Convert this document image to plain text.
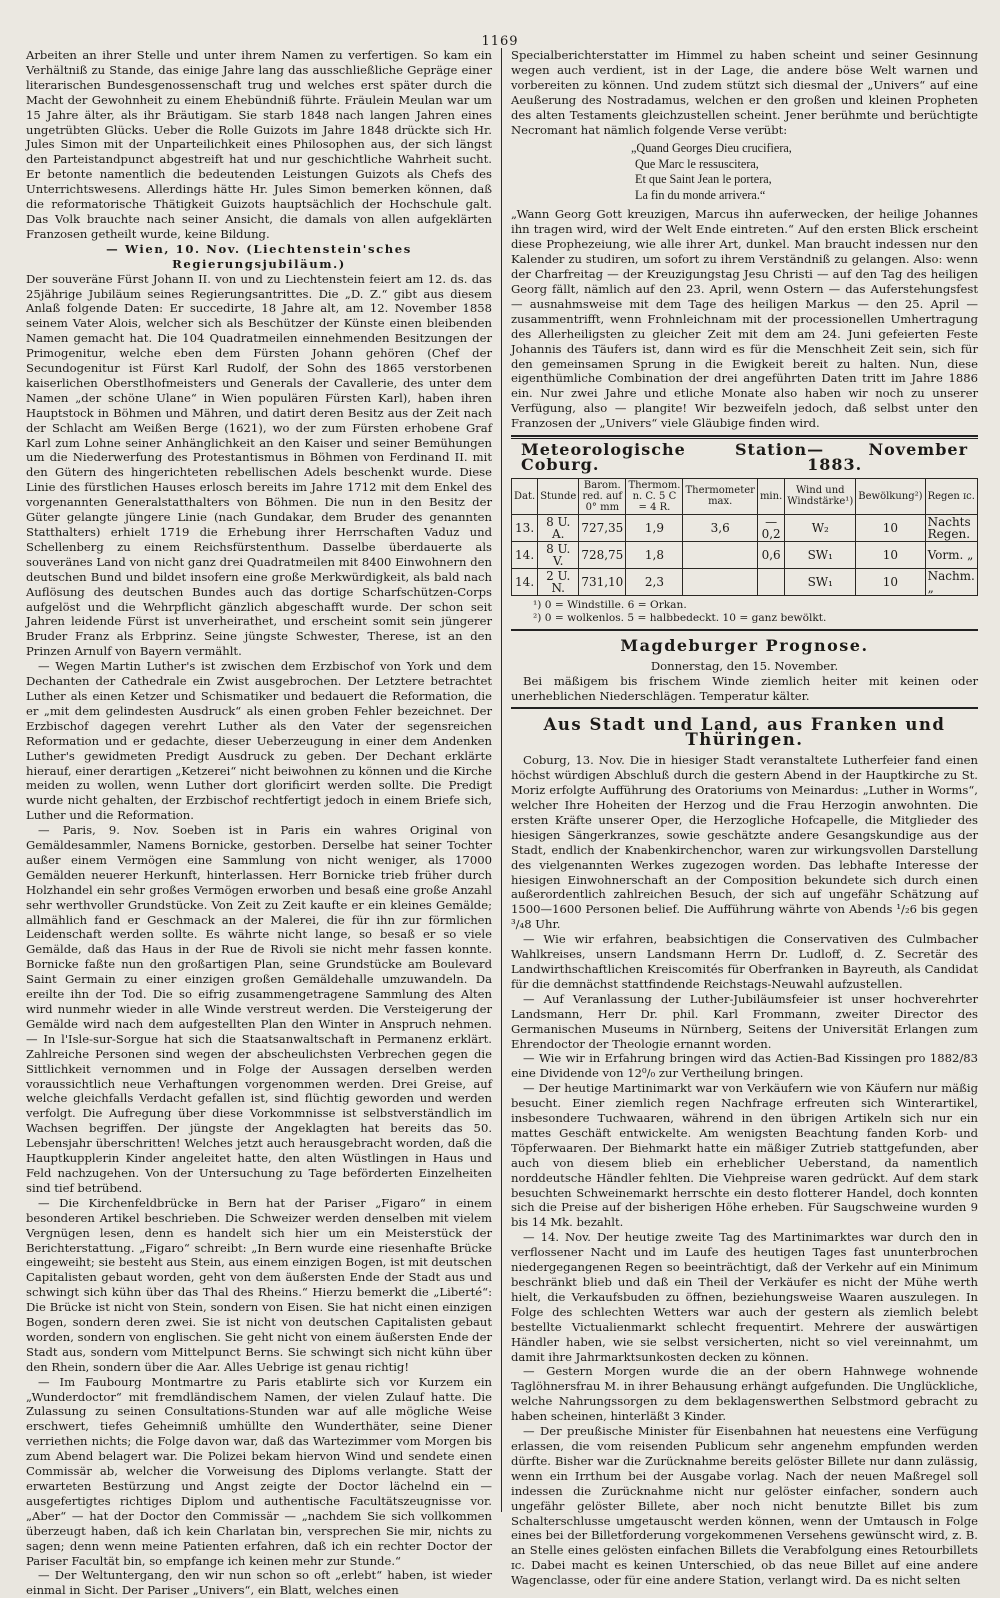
1169

Arbeiten an ihrer Stelle und unter ihrem Namen zu verfertigen. So kam ein Verhältniß zu Stande, das einige Jahre lang das ausschließliche Gepräge einer literarischen Bundesgenossenschaft trug und welches erst später durch die Macht der Gewohnheit zu einem Ehebündniß führte. Fräulein Meulan war um 15 Jahre älter, als ihr Bräutigam. Sie starb 1848 nach langen Jahren eines ungetrübten Glücks. Ueber die Rolle Guizots im Jahre 1848 drückte sich Hr. Jules Simon mit der Unparteilichkeit eines Philosophen aus, der sich längst den Parteistandpunct abgestreift hat und nur geschichtliche Wahrheit sucht. Er betonte namentlich die bedeutenden Leistungen Guizots als Chefs des Unterrichtswesens. Allerdings hätte Hr. Jules Simon bemerken können, daß die reformatorische Thätigkeit Guizots hauptsächlich der Hochschule galt. Das Volk brauchte nach seiner Ansicht, die damals von allen aufgeklärten Franzosen getheilt wurde, keine Bildung.

— Wien, 10. Nov. (Liechtenstein'sches Regierungsjubiläum.)

Der souveräne Fürst Johann II. von und zu Liechtenstein feiert am 12. ds. das 25jährige Jubiläum seines Regierungsantrittes. Die „D. Z.“ gibt aus diesem Anlaß folgende Daten: Er succedirte, 18 Jahre alt, am 12. November 1858 seinem Vater Alois, welcher sich als Beschützer der Künste einen bleibenden Namen gemacht hat. Die 104 Quadratmeilen einnehmenden Besitzungen der Primogenitur, welche eben dem Fürsten Johann gehören (Chef der Secundogenitur ist Fürst Karl Rudolf, der Sohn des 1865 verstorbenen kaiserlichen Oberstlhofmeisters und Generals der Cavallerie, des unter dem Namen „der schöne Ulane“ in Wien populären Fürsten Karl), haben ihren Hauptstock in Böhmen und Mähren, und datirt deren Besitz aus der Zeit nach der Schlacht am Weißen Berge (1621), wo der zum Fürsten erhobene Graf Karl zum Lohne seiner Anhänglichkeit an den Kaiser und seiner Bemühungen um die Niederwerfung des Protestantismus in Böhmen von Ferdinand II. mit den Gütern des hingerichteten rebellischen Adels beschenkt wurde. Diese Linie des fürstlichen Hauses erlosch bereits im Jahre 1712 mit dem Enkel des vorgenannten Generalstatthalters von Böhmen. Die nun in den Besitz der Güter gelangte jüngere Linie (nach Gundakar, dem Bruder des genannten Statthalters) erhielt 1719 die Erhebung ihrer Herrschaften Vaduz und Schellenberg zu einem Reichsfürstenthum. Dasselbe überdauerte als souveränes Land von nicht ganz drei Quadratmeilen mit 8400 Einwohnern den deutschen Bund und bildet insofern eine große Merkwürdigkeit, als bald nach Auflösung des deutschen Bundes auch das dortige Scharfschützen-Corps aufgelöst und die Wehrpflicht gänzlich abgeschafft wurde. Der schon seit Jahren leidende Fürst ist unverheirathet, und erscheint somit sein jüngerer Bruder Franz als Erbprinz. Seine jüngste Schwester, Therese, ist an den Prinzen Arnulf von Bayern vermählt.

— Wegen Martin Luther's ist zwischen dem Erzbischof von York und dem Dechanten der Cathedrale ein Zwist ausgebrochen. Der Letztere betrachtet Luther als einen Ketzer und Schismatiker und bedauert die Reformation, die er „mit dem gelindesten Ausdruck“ als einen groben Fehler bezeichnet. Der Erzbischof dagegen verehrt Luther als den Vater der segensreichen Reformation und er gedachte, dieser Ueberzeugung in einer dem Andenken Luther's gewidmeten Predigt Ausdruck zu geben. Der Dechant erklärte hierauf, einer derartigen „Ketzerei“ nicht beiwohnen zu können und die Kirche meiden zu wollen, wenn Luther dort glorificirt werden sollte. Die Predigt wurde nicht gehalten, der Erzbischof rechtfertigt jedoch in einem Briefe sich, Luther und die Reformation.

— Paris, 9. Nov. Soeben ist in Paris ein wahres Original von Gemäldesammler, Namens Bornicke, gestorben. Derselbe hat seiner Tochter außer einem Vermögen eine Sammlung von nicht weniger, als 17000 Gemälden neuerer Herkunft, hinterlassen. Herr Bornicke trieb früher durch Holzhandel ein sehr großes Vermögen erworben und besaß eine große Anzahl sehr werthvoller Grundstücke. Von Zeit zu Zeit kaufte er ein kleines Gemälde; allmählich fand er Geschmack an der Malerei, die für ihn zur förmlichen Leidenschaft werden sollte. Es währte nicht lange, so besaß er so viele Gemälde, daß das Haus in der Rue de Rivoli sie nicht mehr fassen konnte. Bornicke faßte nun den großartigen Plan, seine Grundstücke am Boulevard Saint Germain zu einer einzigen großen Gemäldehalle umzuwandeln. Da ereilte ihn der Tod. Die so eifrig zusammengetragene Sammlung des Alten wird nunmehr wieder in alle Winde verstreut werden. Die Versteigerung der Gemälde wird nach dem aufgestellten Plan den Winter in Anspruch nehmen. — In l'Isle-sur-Sorgue hat sich die Staatsanwaltschaft in Permanenz erklärt. Zahlreiche Personen sind wegen der abscheulichsten Verbrechen gegen die Sittlichkeit vernommen und in Folge der Aussagen derselben werden voraussichtlich neue Verhaftungen vorgenommen werden. Drei Greise, auf welche gleichfalls Verdacht gefallen ist, sind flüchtig geworden und werden verfolgt. Die Aufregung über diese Vorkommnisse ist selbstverständlich im Wachsen begriffen. Der jüngste der Angeklagten hat bereits das 50. Lebensjahr überschritten! Welches jetzt auch herausgebracht worden, daß die Hauptkupplerin Kinder angeleitet hatte, den alten Wüstlingen in Haus und Feld nachzugehen. Von der Untersuchung zu Tage beförderten Einzelheiten sind tief betrübend.

— Die Kirchenfeldbrücke in Bern hat der Pariser „Figaro“ in einem besonderen Artikel beschrieben. Die Schweizer werden denselben mit vielem Vergnügen lesen, denn es handelt sich hier um ein Meisterstück der Berichterstattung. „Figaro“ schreibt: „In Bern wurde eine riesenhafte Brücke eingeweiht; sie besteht aus Stein, aus einem einzigen Bogen, ist mit deutschen Capitalisten gebaut worden, geht von dem äußersten Ende der Stadt aus und schwingt sich kühn über das Thal des Rheins.“ Hierzu bemerkt die „Liberté“: Die Brücke ist nicht von Stein, sondern von Eisen. Sie hat nicht einen einzigen Bogen, sondern deren zwei. Sie ist nicht von deutschen Capitalisten gebaut worden, sondern von englischen. Sie geht nicht von einem äußersten Ende der Stadt aus, sondern vom Mittelpunct Berns. Sie schwingt sich nicht kühn über den Rhein, sondern über die Aar. Alles Uebrige ist genau richtig!

— Im Faubourg Montmartre zu Paris etablirte sich vor Kurzem ein „Wunderdoctor“ mit fremdländischem Namen, der vielen Zulauf hatte. Die Zulassung zu seinen Consultations-Stunden war auf alle mögliche Weise erschwert, tiefes Geheimniß umhüllte den Wunderthäter, seine Diener verriethen nichts; die Folge davon war, daß das Wartezimmer vom Morgen bis zum Abend belagert war. Die Polizei bekam hiervon Wind und sendete einen Commissär ab, welcher die Vorweisung des Diploms verlangte. Statt der erwarteten Bestürzung und Angst zeigte der Doctor lächelnd ein — ausgefertigtes richtiges Diplom und authentische Facultätszeugnisse vor. „Aber“ — hat der Doctor den Commissär — „nachdem Sie sich vollkommen überzeugt haben, daß ich kein Charlatan bin, versprechen Sie mir, nichts zu sagen; denn wenn meine Patienten erfahren, daß ich ein rechter Doctor der Pariser Facultät bin, so empfange ich keinen mehr zur Stunde.“

— Der Weltuntergang, den wir nun schon so oft „erlebt“ haben, ist wieder einmal in Sicht. Der Pariser „Univers“, ein Blatt, welches einen

Specialberichterstatter im Himmel zu haben scheint und seiner Gesinnung wegen auch verdient, ist in der Lage, die andere böse Welt warnen und vorbereiten zu können. Und zudem stützt sich diesmal der „Univers“ auf eine Aeußerung des Nostradamus, welchen er den großen und kleinen Propheten des alten Testaments gleichzustellen scheint. Jener berühmte und berüchtigte Necromant hat nämlich folgende Verse verübt:

„Quand Georges Dieu crucifiera,
Que Marc le ressuscitera,
Et que Saint Jean le portera,
La fin du monde arrivera.“

„Wann Georg Gott kreuzigen, Marcus ihn auferwecken, der heilige Johannes ihn tragen wird, wird der Welt Ende eintreten.“ Auf den ersten Blick erscheint diese Prophezeiung, wie alle ihrer Art, dunkel. Man braucht indessen nur den Kalender zu studiren, um sofort zu ihrem Verständniß zu gelangen. Also: wenn der Charfreitag — der Kreuzigungstag Jesu Christi — auf den Tag des heiligen Georg fällt, nämlich auf den 23. April, wenn Ostern — das Auferstehungsfest — ausnahmsweise mit dem Tage des heiligen Markus — den 25. April — zusammentrifft, wenn Frohnleichnam mit der processionellen Umhertragung des Allerheiligsten zu gleicher Zeit mit dem am 24. Juni gefeierten Feste Johannis des Täufers ist, dann wird es für die Menschheit Zeit sein, sich für den gemeinsamen Sprung in die Ewigkeit bereit zu halten. Nun, diese eigenthümliche Combination der drei angeführten Daten tritt im Jahre 1886 ein. Nur zwei Jahre und etliche Monate also haben wir noch zu unserer Verfügung, also — plangite! Wir bezweifeln jedoch, daß selbst unter den Franzosen der „Univers“ viele Gläubige finden wird.

Meteorologische Station Coburg.
— November 1883.
Dat.	Stunde	Barom. red. auf 0° mm	Thermom. n. C. 5 C = 4 R.	Thermometer max.	min.	Wind und Windstärke¹)	Bewölkung²)	Regen ɪc.
13.	8 U. A.	727,35	1,9	3,6	—0,2	W₂	10	Nachts Regen.
14.	8 U. V.	728,75	1,8		0,6	SW₁	10	Vorm. „
14.	2 U. N.	731,10	2,3			SW₁	10	Nachm. „
¹) 0 = Windstille. 6 = Orkan.
²) 0 = wolkenlos. 5 = halbbedeckt. 10 = ganz bewölkt.
Magdeburger Prognose.

Donnerstag, den 15. November.

Bei mäßigem bis frischem Winde ziemlich heiter mit keinen oder unerheblichen Niederschlägen. Temperatur kälter.

Aus Stadt und Land, aus Franken und Thüringen.

Coburg, 13. Nov. Die in hiesiger Stadt veranstaltete Lutherfeier fand einen höchst würdigen Abschluß durch die gestern Abend in der Hauptkirche zu St. Moriz erfolgte Aufführung des Oratoriums von Meinardus: „Luther in Worms“, welcher Ihre Hoheiten der Herzog und die Frau Herzogin anwohnten. Die ersten Kräfte unserer Oper, die Herzogliche Hofcapelle, die Mitglieder des hiesigen Sängerkranzes, sowie geschätzte andere Gesangskundige aus der Stadt, endlich der Knabenkirchenchor, waren zur wirkungsvollen Darstellung des vielgenannten Werkes zugezogen worden. Das lebhafte Interesse der hiesigen Einwohnerschaft an der Composition bekundete sich durch einen außerordentlich zahlreichen Besuch, der sich auf ungefähr Schätzung auf 1500—1600 Personen belief. Die Aufführung währte von Abends ¹/₂6 bis gegen ³/₄8 Uhr.

— Wie wir erfahren, beabsichtigen die Conservativen des Culmbacher Wahlkreises, unsern Landsmann Herrn Dr. Ludloff, d. Z. Secretär des Landwirthschaftlichen Kreiscomités für Oberfranken in Bayreuth, als Candidat für die demnächst stattfindende Reichstags-Neuwahl aufzustellen.

— Auf Veranlassung der Luther-Jubiläumsfeier ist unser hochverehrter Landsmann, Herr Dr. phil. Karl Frommann, zweiter Director des Germanischen Museums in Nürnberg, Seitens der Universität Erlangen zum Ehrendoctor der Theologie ernannt worden.

— Wie wir in Erfahrung bringen wird das Actien-Bad Kissingen pro 1882/83 eine Dividende von 12⁰/₀ zur Vertheilung bringen.

— Der heutige Martinimarkt war von Verkäufern wie von Käufern nur mäßig besucht. Einer ziemlich regen Nachfrage erfreuten sich Winterartikel, insbesondere Tuchwaaren, während in den übrigen Artikeln sich nur ein mattes Geschäft entwickelte. Am wenigsten Beachtung fanden Korb- und Töpferwaaren. Der Biehmarkt hatte ein mäßiger Zutrieb stattgefunden, aber auch von diesem blieb ein erheblicher Ueberstand, da namentlich norddeutsche Händler fehlten. Die Viehpreise waren gedrückt. Auf dem stark besuchten Schweinemarkt herrschte ein desto flotterer Handel, doch konnten sich die Preise auf der bisherigen Höhe erheben. Für Saugschweine wurden 9 bis 14 Mk. bezahlt.

— 14. Nov. Der heutige zweite Tag des Martinimarktes war durch den in verflossener Nacht und im Laufe des heutigen Tages fast ununterbrochen niedergegangenen Regen so beeinträchtigt, daß der Verkehr auf ein Minimum beschränkt blieb und daß ein Theil der Verkäufer es nicht der Mühe werth hielt, die Verkaufsbuden zu öffnen, beziehungsweise Waaren auszulegen. In Folge des schlechten Wetters war auch der gestern als ziemlich belebt bestellte Victualienmarkt schlecht frequentirt. Mehrere der auswärtigen Händler haben, wie sie selbst versicherten, nicht so viel vereinnahmt, um damit ihre Jahrmarktsunkosten decken zu können.

— Gestern Morgen wurde die an der obern Hahnwege wohnende Taglöhnersfrau M. in ihrer Behausung erhängt aufgefunden. Die Unglückliche, welche Nahrungssorgen zu dem beklagenswerthen Selbstmord gebracht zu haben scheinen, hinterläßt 3 Kinder.

— Der preußische Minister für Eisenbahnen hat neuestens eine Verfügung erlassen, die vom reisenden Publicum sehr angenehm empfunden werden dürfte. Bisher war die Zurücknahme bereits gelöster Billete nur dann zulässig, wenn ein Irrthum bei der Ausgabe vorlag. Nach der neuen Maßregel soll indessen die Zurücknahme nicht nur gelöster einfacher, sondern auch ungefähr gelöster Billete, aber noch nicht benutzte Billet bis zum Schalterschlusse umgetauscht werden können, wenn der Umtausch in Folge eines bei der Billetforderung vorgekommenen Versehens gewünscht wird, z. B. an Stelle eines gelösten einfachen Billets die Verabfolgung eines Retourbillets ɪc. Dabei macht es keinen Unterschied, ob das neue Billet auf eine andere Wagenclasse, oder für eine andere Station, verlangt wird. Da es nicht selten
